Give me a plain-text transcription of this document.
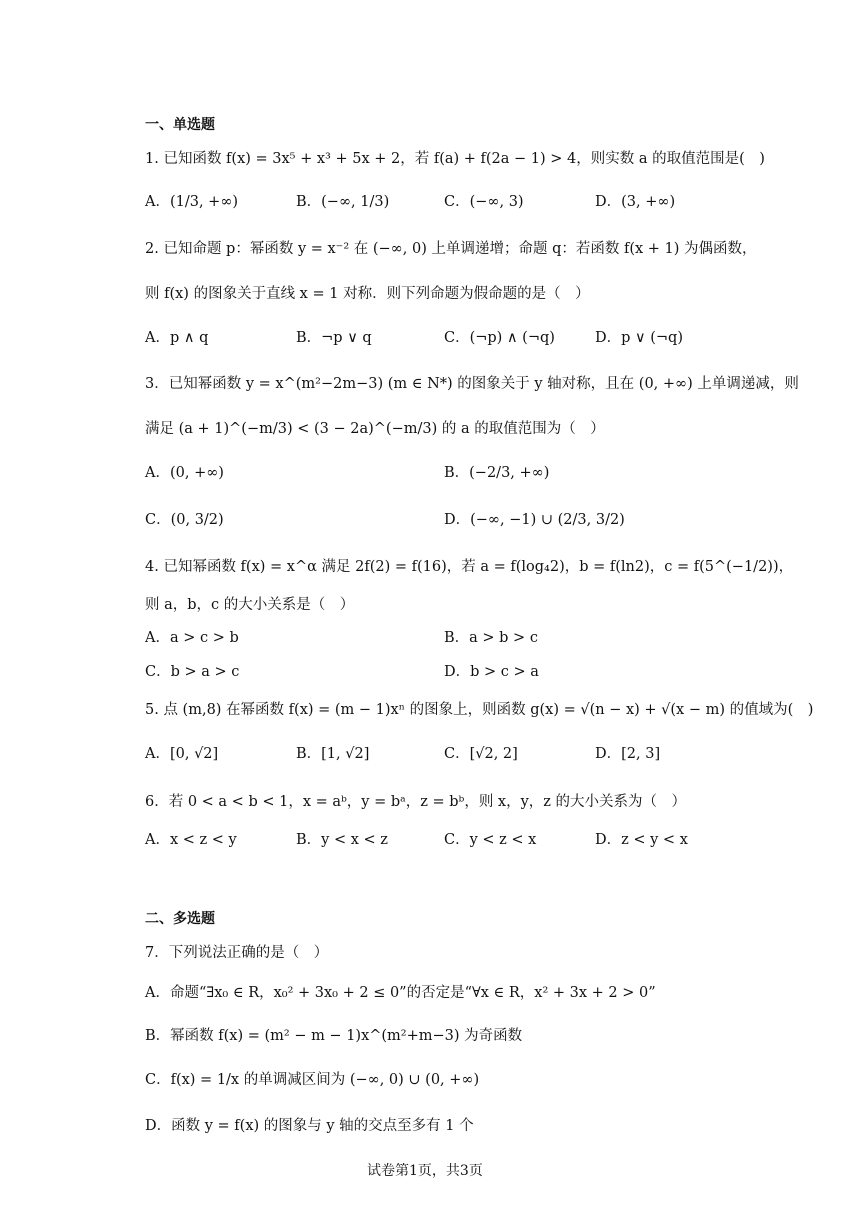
一、单选题
1. 已知函数 f(x) = 3x⁵ + x³ + 5x + 2，若 f(a) + f(2a − 1) > 4，则实数 a 的取值范围是(　)
A．(1/3, +∞)	B．(−∞, 1/3)	C．(−∞, 3)	D．(3, +∞)
2. 已知命题 p：幂函数 y = x⁻² 在 (−∞, 0) 上单调递增；命题 q：若函数 f(x + 1) 为偶函数，
则 f(x) 的图象关于直线 x = 1 对称．则下列命题为假命题的是（　）
A．p ∧ q	B．¬p ∨ q	C．(¬p) ∧ (¬q)	D．p ∨ (¬q)
3．已知幂函数 y = x^(m²−2m−3) (m ∈ N*) 的图象关于 y 轴对称，且在 (0, +∞) 上单调递减，则
满足 (a + 1)^(−m/3) < (3 − 2a)^(−m/3) 的 a 的取值范围为（　）
A．(0, +∞)	B．(−2/3, +∞)
C．(0, 3/2)	D．(−∞, −1) ∪ (2/3, 3/2)
4. 已知幂函数 f(x) = x^α 满足 2f(2) = f(16)，若 a = f(log₄2)，b = f(ln2)，c = f(5^(−1/2))，
则 a，b，c 的大小关系是（　）
A．a > c > b	B．a > b > c
C．b > a > c	D．b > c > a
5. 点 (m,8) 在幂函数 f(x) = (m − 1)xⁿ 的图象上，则函数 g(x) = √(n − x) + √(x − m) 的值域为(　)
A．[0, √2]	B．[1, √2]	C．[√2, 2]	D．[2, 3]
6．若 0 < a < b < 1，x = aᵇ，y = bᵃ，z = bᵇ，则 x，y，z 的大小关系为（　）
A．x < z < y	B．y < x < z	C．y < z < x	D．z < y < x
二、多选题
7．下列说法正确的是（　）
A．命题“∃x₀ ∈ R，x₀² + 3x₀ + 2 ≤ 0”的否定是“∀x ∈ R，x² + 3x + 2 > 0”
B．幂函数 f(x) = (m² − m − 1)x^(m²+m−3) 为奇函数
C．f(x) = 1/x 的单调减区间为 (−∞, 0) ∪ (0, +∞)
D．函数 y = f(x) 的图象与 y 轴的交点至多有 1 个
试卷第1页，共3页
